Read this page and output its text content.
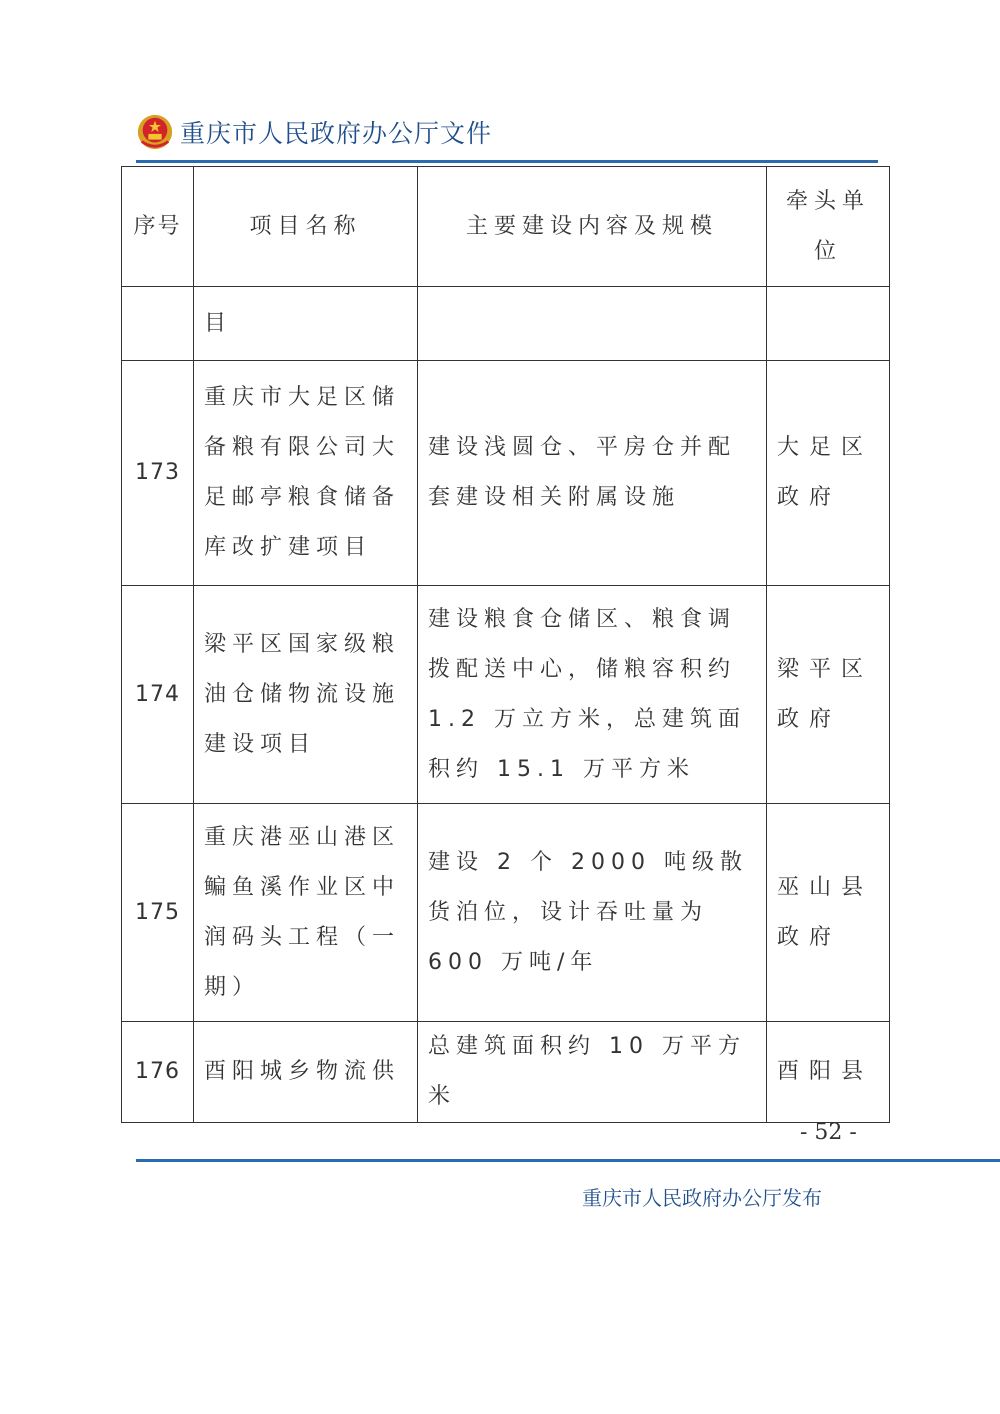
重庆市人民政府办公厅文件
序号	项目名称	主要建设内容及规模	牵头单位
	目		
173	重庆市大足区储备粮有限公司大足邮亭粮食储备库改扩建项目	建设浅圆仓、平房仓并配套建设相关附属设施	大足区政府
174	梁平区国家级粮油仓储物流设施建设项目	建设粮食仓储区、粮食调拨配送中心，储粮容积约 1.2 万立方米，总建筑面积约 15.1 万平方米	梁平区政府
175	重庆港巫山港区鳊鱼溪作业区中润码头工程（一期）	建设 2 个 2000 吨级散货泊位，设计吞吐量为 600 万吨/年	巫山县政府
176	酉阳城乡物流供	总建筑面积约 10 万平方米	酉阳县
- 52 -
重庆市人民政府办公厅发布
